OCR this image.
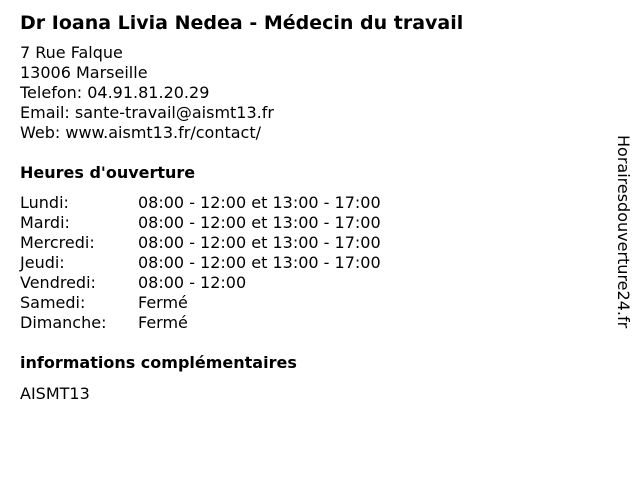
Dr Ioana Livia Nedea - Médecin du travail
7 Rue Falque
13006 Marseille
Telefon: 04.91.81.20.29
Email: sante-travail@aismt13.fr
Web: www.aismt13.fr/contact/
Heures d'ouverture
Lundi:	08:00 - 12:00 et 13:00 - 17:00
Mardi:	08:00 - 12:00 et 13:00 - 17:00
Mercredi:	08:00 - 12:00 et 13:00 - 17:00
Jeudi:	08:00 - 12:00 et 13:00 - 17:00
Vendredi:	08:00 - 12:00
Samedi:	Fermé
Dimanche:	Fermé
informations complémentaires
AISMT13
Horairesdouverture24.fr
